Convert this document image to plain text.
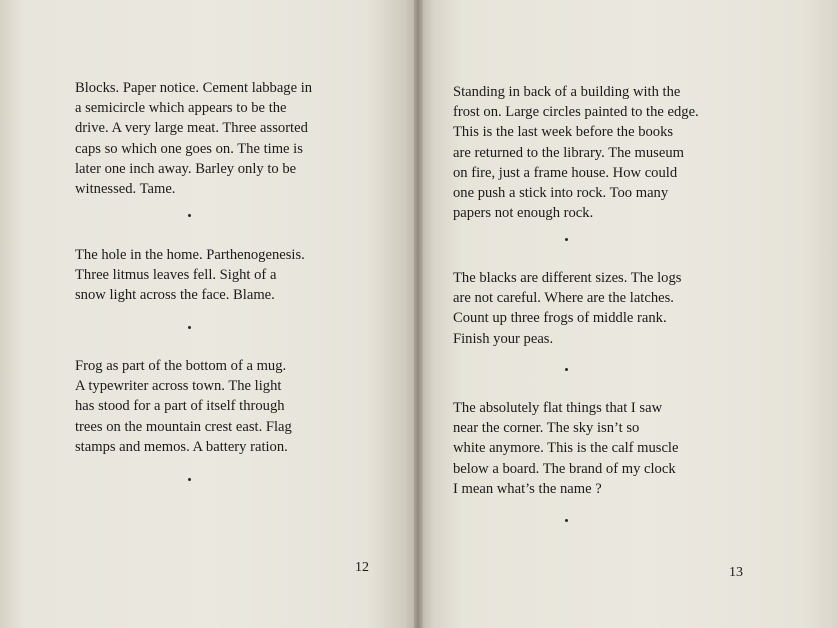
Blocks. Paper notice. Cement labbage in
a semicircle which appears to be the
drive. A very large meat. Three assorted
caps so which one goes on. The time is
later one inch away. Barley only to be
witnessed. Tame.

The hole in the home. Parthenogenesis.
Three litmus leaves fell. Sight of a
snow light across the face. Blame.

Frog as part of the bottom of a mug.
A typewriter across town. The light
has stood for a part of itself through
trees on the mountain crest east. Flag
stamps and memos. A battery ration.

12

Standing in back of a building with the
frost on. Large circles painted to the edge.
This is the last week before the books
are returned to the library. The museum
on fire, just a frame house. How could
one push a stick into rock. Too many
papers not enough rock.

The blacks are different sizes. The logs
are not careful. Where are the latches.
Count up three frogs of middle rank.
Finish your peas.

The absolutely flat things that I saw
near the corner. The sky isn’t so
white anymore. This is the calf muscle
below a board. The brand of my clock
I mean what’s the name ?

13
